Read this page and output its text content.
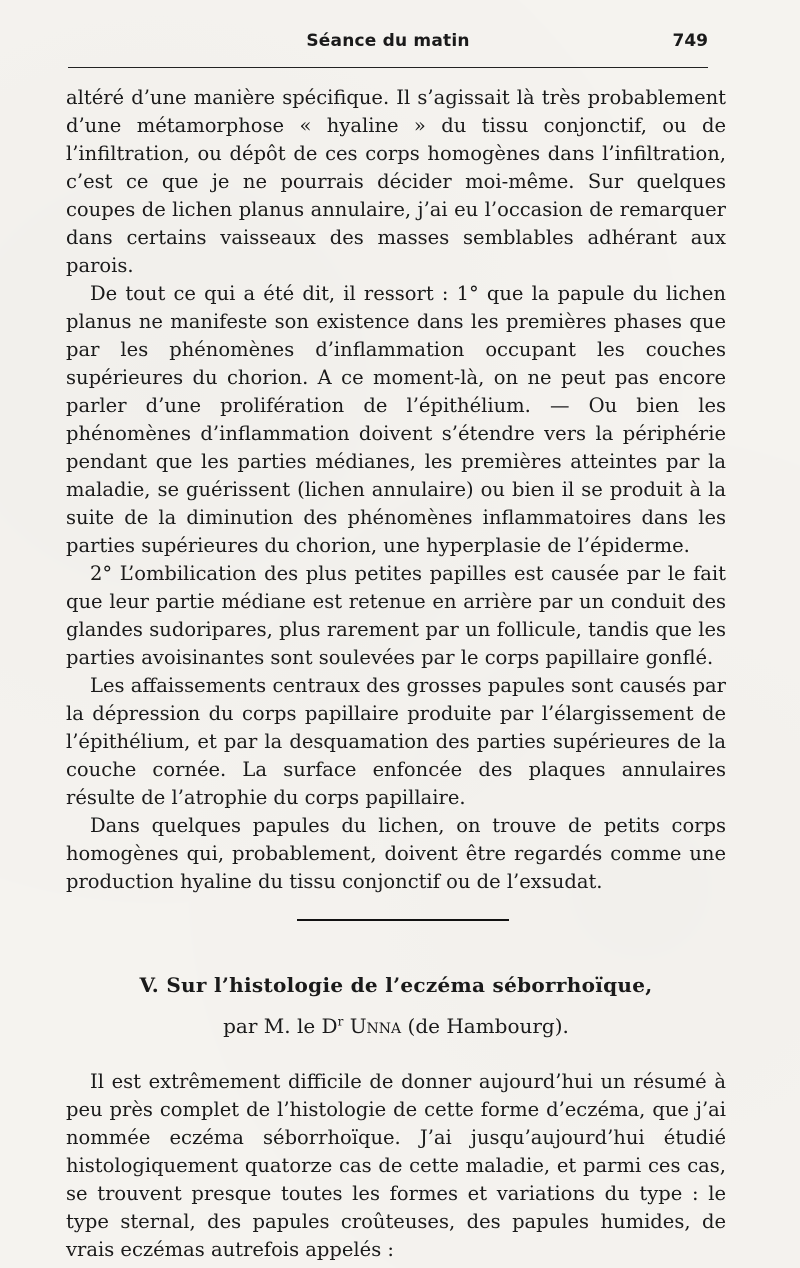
Séance du matin	749

altéré d’une manière spécifique. Il s’agissait là très probablement d’une métamorphose « hyaline » du tissu conjonctif, ou de l’infiltration, ou dépôt de ces corps homogènes dans l’infiltration, c’est ce que je ne pourrais décider moi-même. Sur quelques coupes de lichen planus annulaire, j’ai eu l’occasion de remarquer dans certains vaisseaux des masses semblables adhérant aux parois.

De tout ce qui a été dit, il ressort : 1° que la papule du lichen planus ne manifeste son existence dans les premières phases que par les phénomènes d’inflammation occupant les couches supérieures du chorion. A ce moment-là, on ne peut pas encore parler d’une prolifération de l’épithélium. — Ou bien les phénomènes d’inflammation doivent s’étendre vers la périphérie pendant que les parties médianes, les premières atteintes par la maladie, se guérissent (lichen annulaire) ou bien il se produit à la suite de la diminution des phénomènes inflammatoires dans les parties supérieures du chorion, une hyperplasie de l’épiderme.

2° L’ombilication des plus petites papilles est causée par le fait que leur partie médiane est retenue en arrière par un conduit des glandes sudoripares, plus rarement par un follicule, tandis que les parties avoisinantes sont soulevées par le corps papillaire gonflé.

Les affaissements centraux des grosses papules sont causés par la dépression du corps papillaire produite par l’élargissement de l’épithélium, et par la desquamation des parties supérieures de la couche cornée. La surface enfoncée des plaques annulaires résulte de l’atrophie du corps papillaire.

Dans quelques papules du lichen, on trouve de petits corps homogènes qui, probablement, doivent être regardés comme une production hyaline du tissu conjonctif ou de l’exsudat.

V. Sur l’histologie de l’eczéma séborrhoïque,
par M. le $D^r$ Unna (de Hambourg).

Il est extrêmement difficile de donner aujourd’hui un résumé à peu près complet de l’histologie de cette forme d’eczéma, que j’ai nommée eczéma séborrhoïque. J’ai jusqu’aujourd’hui étudié histologiquement quatorze cas de cette maladie, et parmi ces cas, se trouvent presque toutes les formes et variations du type : le type sternal, des papules croûteuses, des papules humides, de vrais eczémas autrefois appelés :
